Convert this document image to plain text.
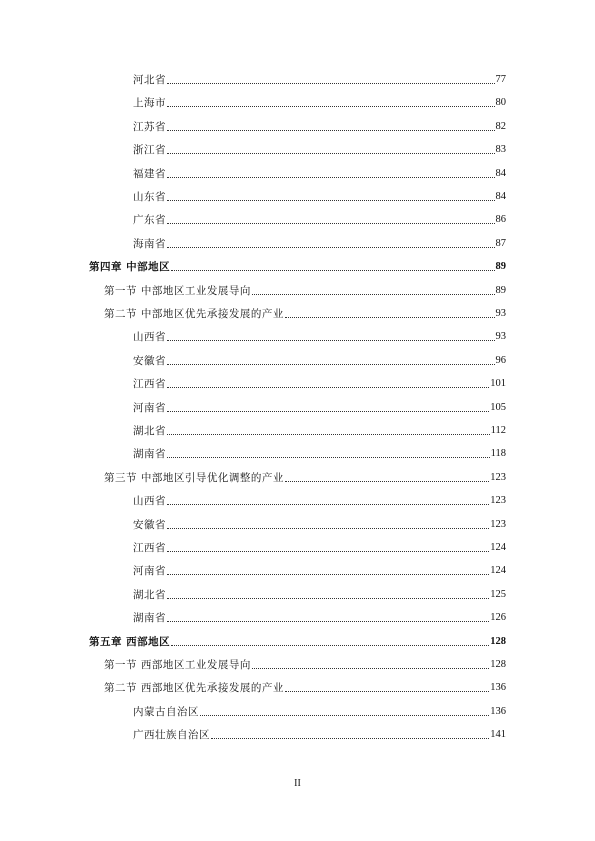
河北省	77
上海市	80
江苏省	82
浙江省	83
福建省	84
山东省	84
广东省	86
海南省	87
第四章 中部地区	89
第一节 中部地区工业发展导向	89
第二节 中部地区优先承接发展的产业	93
山西省	93
安徽省	96
江西省	101
河南省	105
湖北省	112
湖南省	118
第三节 中部地区引导优化调整的产业	123
山西省	123
安徽省	123
江西省	124
河南省	124
湖北省	125
湖南省	126
第五章 西部地区	128
第一节 西部地区工业发展导向	128
第二节 西部地区优先承接发展的产业	136
内蒙古自治区	136
广西壮族自治区	141
II
